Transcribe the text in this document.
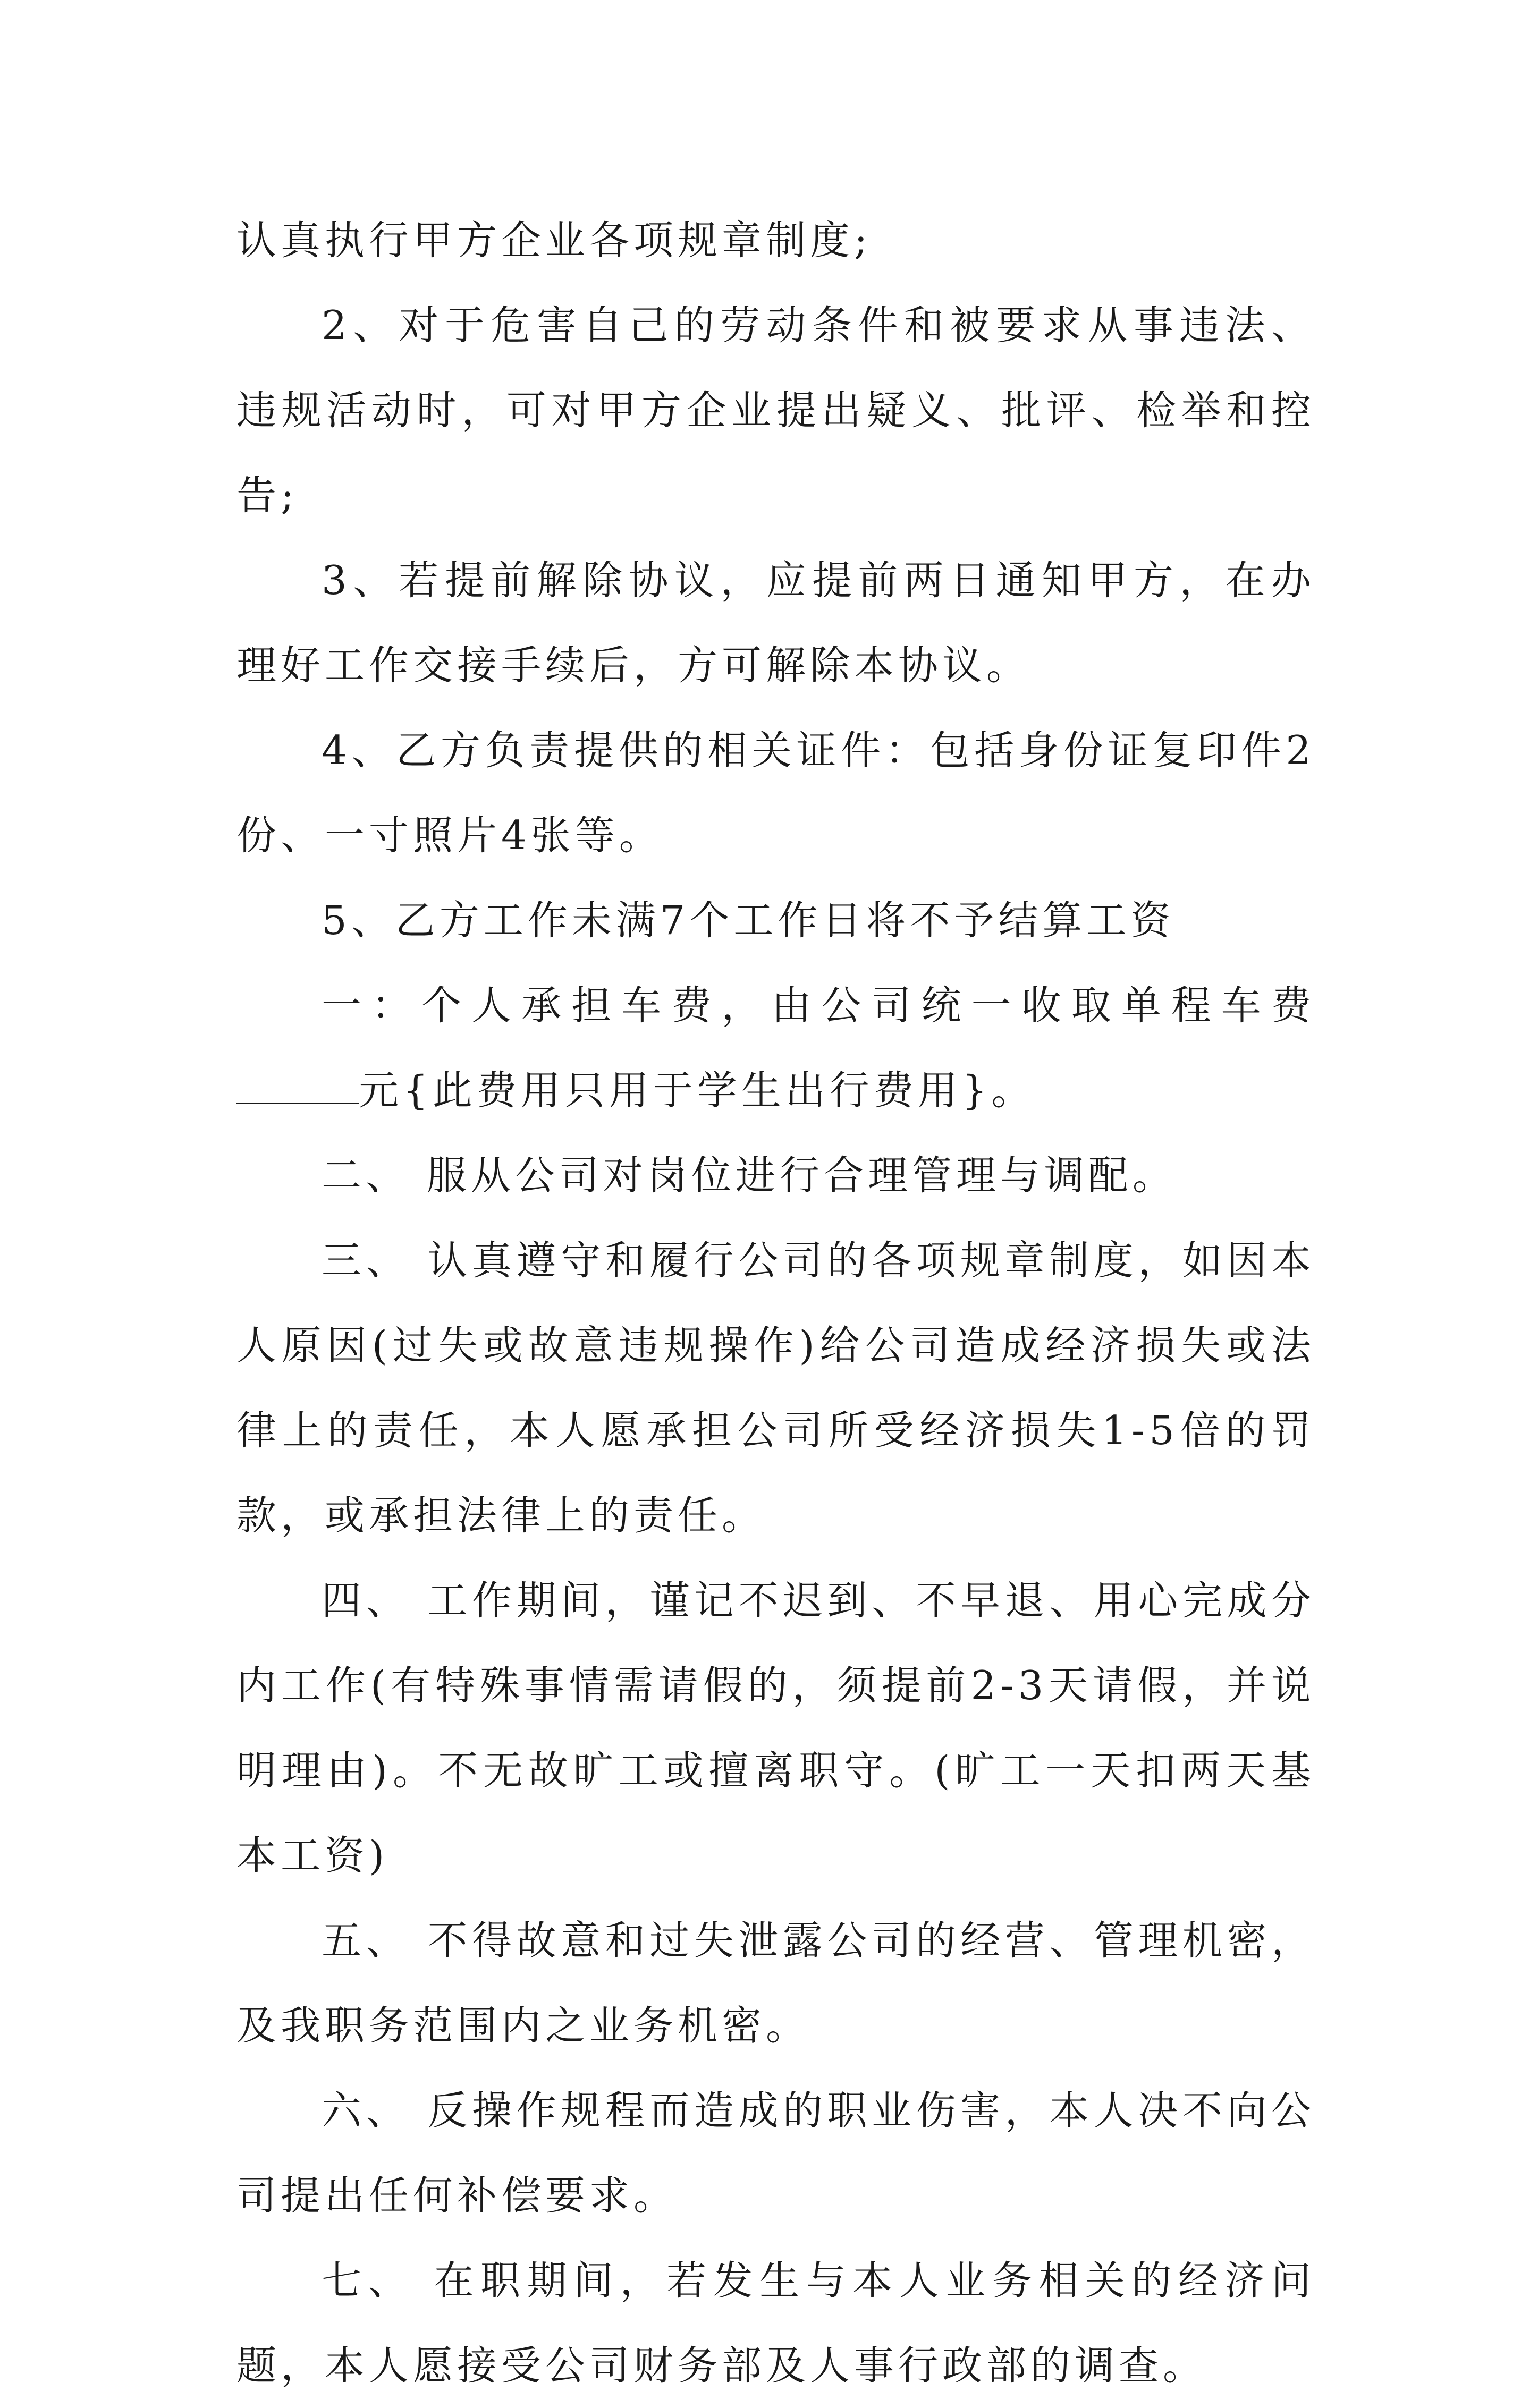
认真执行甲方企业各项规章制度;

2、对于危害自己的劳动条件和被要求从事违法、违规活动时，可对甲方企业提出疑义、批评、检举和控告;

3、若提前解除协议，应提前两日通知甲方，在办理好工作交接手续后，方可解除本协议。

4、乙方负责提供的相关证件：包括身份证复印件2份、一寸照片4张等。

5、乙方工作未满7个工作日将不予结算工资

一：个人承担车费，由公司统一收取单程车费元{此费用只用于学生出行费用}。

二、 服从公司对岗位进行合理管理与调配。

三、 认真遵守和履行公司的各项规章制度，如因本人原因(过失或故意违规操作)给公司造成经济损失或法律上的责任，本人愿承担公司所受经济损失1-5倍的罚款，或承担法律上的责任。

四、 工作期间，谨记不迟到、不早退、用心完成分内工作(有特殊事情需请假的，须提前2-3天请假，并说明理由)。不无故旷工或擅离职守。(旷工一天扣两天基本工资)

五、 不得故意和过失泄露公司的经营、管理机密，及我职务范围内之业务机密。

六、 反操作规程而造成的职业伤害，本人决不向公司提出任何补偿要求。

七、 在职期间，若发生与本人业务相关的经济问题，本人愿接受公司财务部及人事行政部的调查。
